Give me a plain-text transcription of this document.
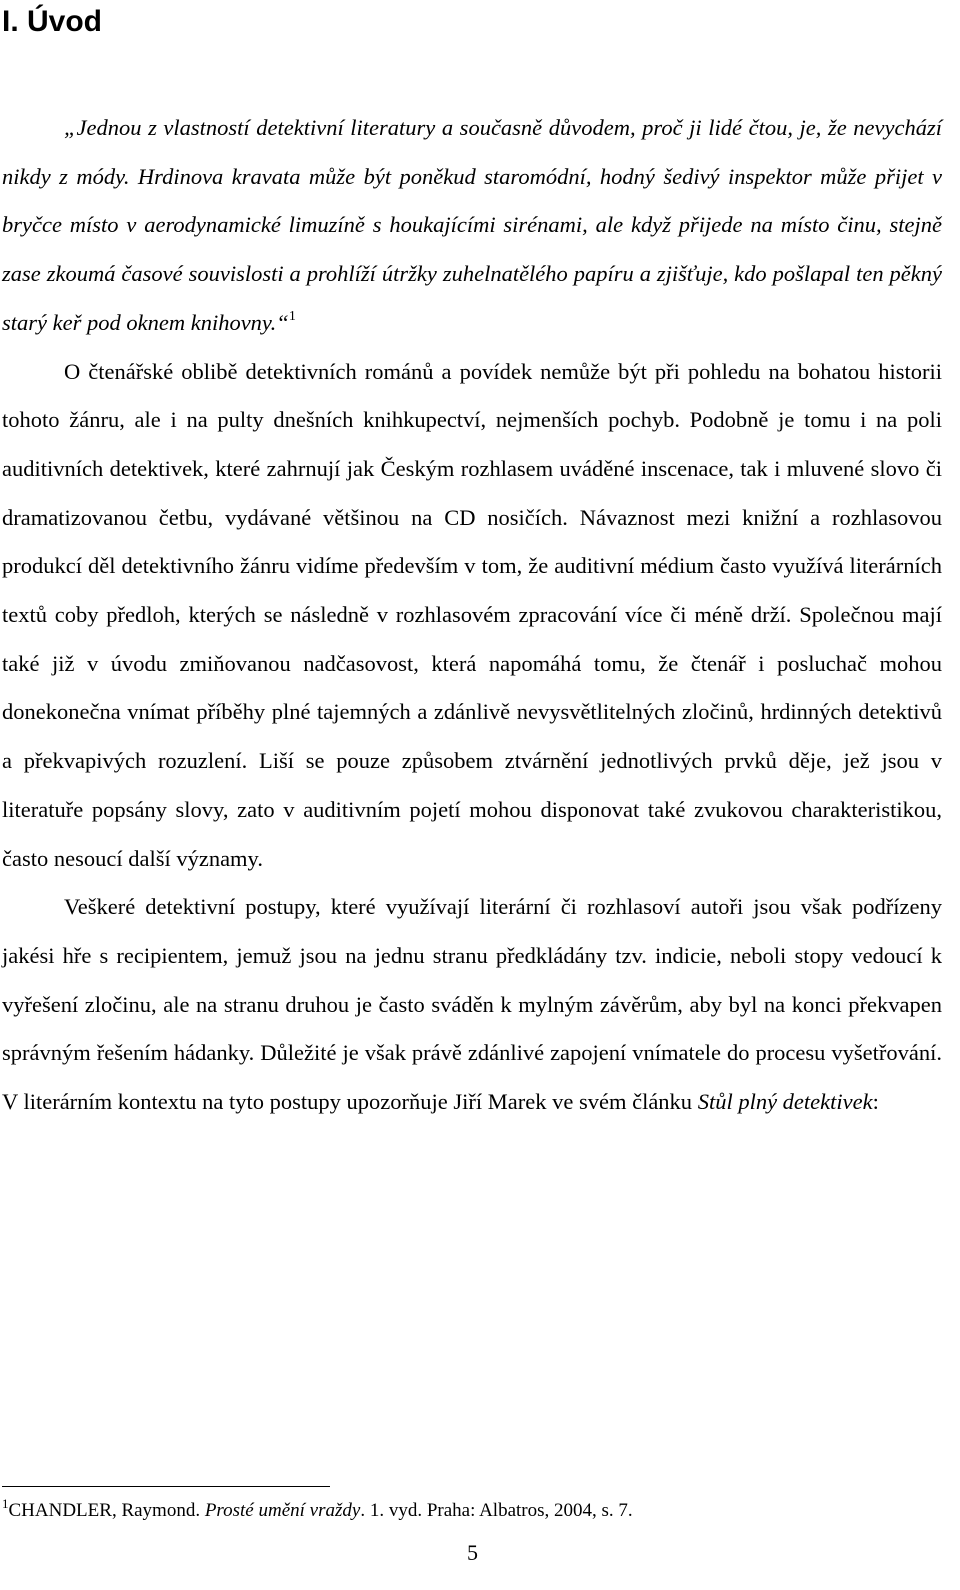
I. Úvod

„Jednou z vlastností detektivní literatury a současně důvodem, proč ji lidé čtou, je, že nevychází nikdy z módy. Hrdinova kravata může být poněkud staromódní, hodný šedivý inspektor může přijet v bryčce místo v aerodynamické limuzíně s houkajícími sirénami, ale když přijede na místo činu, stejně zase zkoumá časové souvislosti a prohlíží útržky zuhelnatělého papíru a zjišťuje, kdo pošlapal ten pěkný starý keř pod oknem knihovny.“$^1$

O čtenářské oblibě detektivních románů a povídek nemůže být při pohledu na bohatou historii tohoto žánru, ale i na pulty dnešních knihkupectví, nejmenších pochyb. Podobně je tomu i na poli auditivních detektivek, které zahrnují jak Českým rozhlasem uváděné inscenace, tak i mluvené slovo či dramatizovanou četbu, vydávané většinou na CD nosičích. Návaznost mezi knižní a rozhlasovou produkcí děl detektivního žánru vidíme především v tom, že auditivní médium často využívá literárních textů coby předloh, kterých se následně v rozhlasovém zpracování více či méně drží. Společnou mají také již v úvodu zmiňovanou nadčasovost, která napomáhá tomu, že čtenář i posluchač mohou donekonečna vnímat příběhy plné tajemných a zdánlivě nevysvětlitelných zločinů, hrdinných detektivů a překvapivých rozuzlení. Liší se pouze způsobem ztvárnění jednotlivých prvků děje, jež jsou v literatuře popsány slovy, zato v auditivním pojetí mohou disponovat také zvukovou charakteristikou, často nesoucí další významy.

Veškeré detektivní postupy, které využívají literární či rozhlasoví autoři jsou však podřízeny jakési hře s recipientem, jemuž jsou na jednu stranu předkládány tzv. indicie, neboli stopy vedoucí k vyřešení zločinu, ale na stranu druhou je často sváděn k mylným závěrům, aby byl na konci překvapen správným řešením hádanky. Důležité je však právě zdánlivé zapojení vnímatele do procesu vyšetřování. V literárním kontextu na tyto postupy upozorňuje Jiří Marek ve svém článku Stůl plný detektivek:

$^1$CHANDLER, Raymond. Prosté umění vraždy. 1. vyd. Praha: Albatros, 2004, s. 7.
5
